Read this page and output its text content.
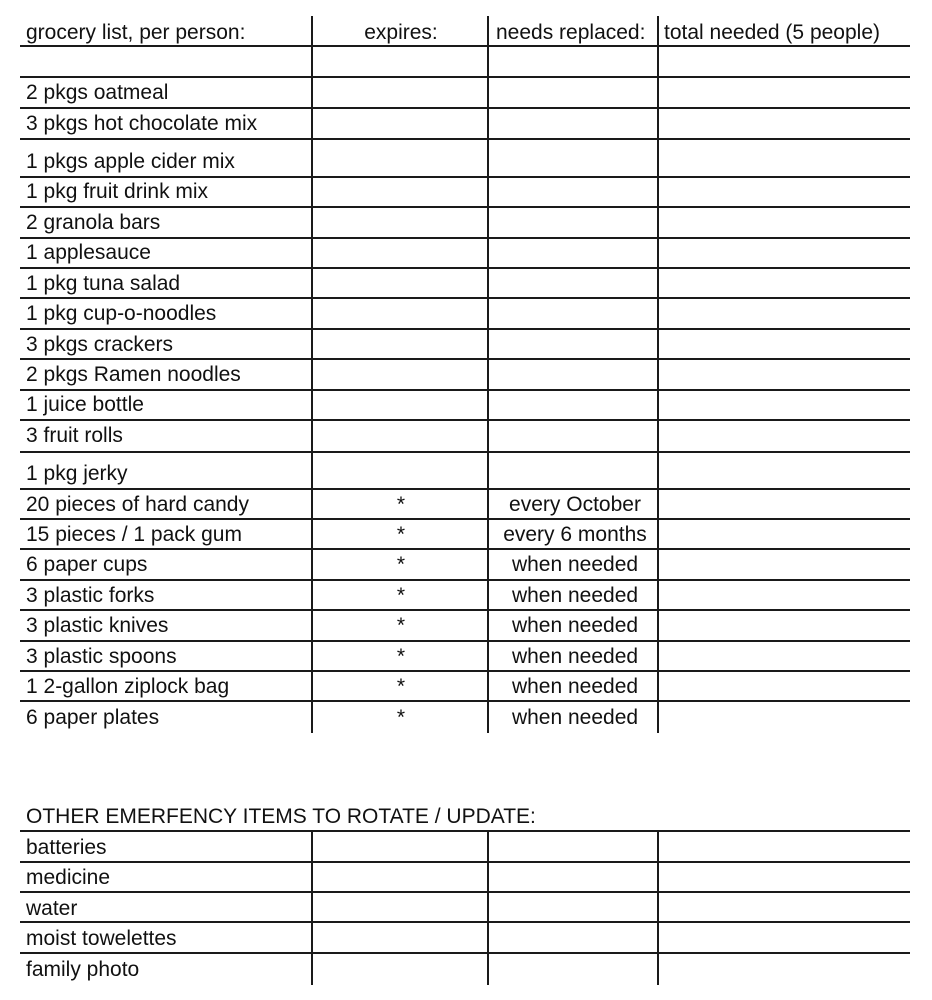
grocery list, per person:	expires:	needs replaced: total needed (5 people)
2 pkgs oatmeal
3 pkgs hot chocolate mix
1 pkgs apple cider mix
1 pkg fruit drink mix
2 granola bars
1 applesauce
1 pkg tuna salad
1 pkg cup-o-noodles
3 pkgs crackers
2 pkgs Ramen noodles
1 juice bottle
3 fruit rolls
1 pkg jerky
20 pieces of hard candy	*	every October
15 pieces / 1 pack gum	*	every 6 months
6 paper cups	*	when needed
3 plastic forks	*	when needed
3 plastic knives	*	when needed
3 plastic spoons	*	when needed
1 2-gallon ziplock bag	*	when needed
6 paper plates	*	when needed
OTHER EMERFENCY ITEMS TO ROTATE / UPDATE:
batteries
medicine
water
moist towelettes
family photo
